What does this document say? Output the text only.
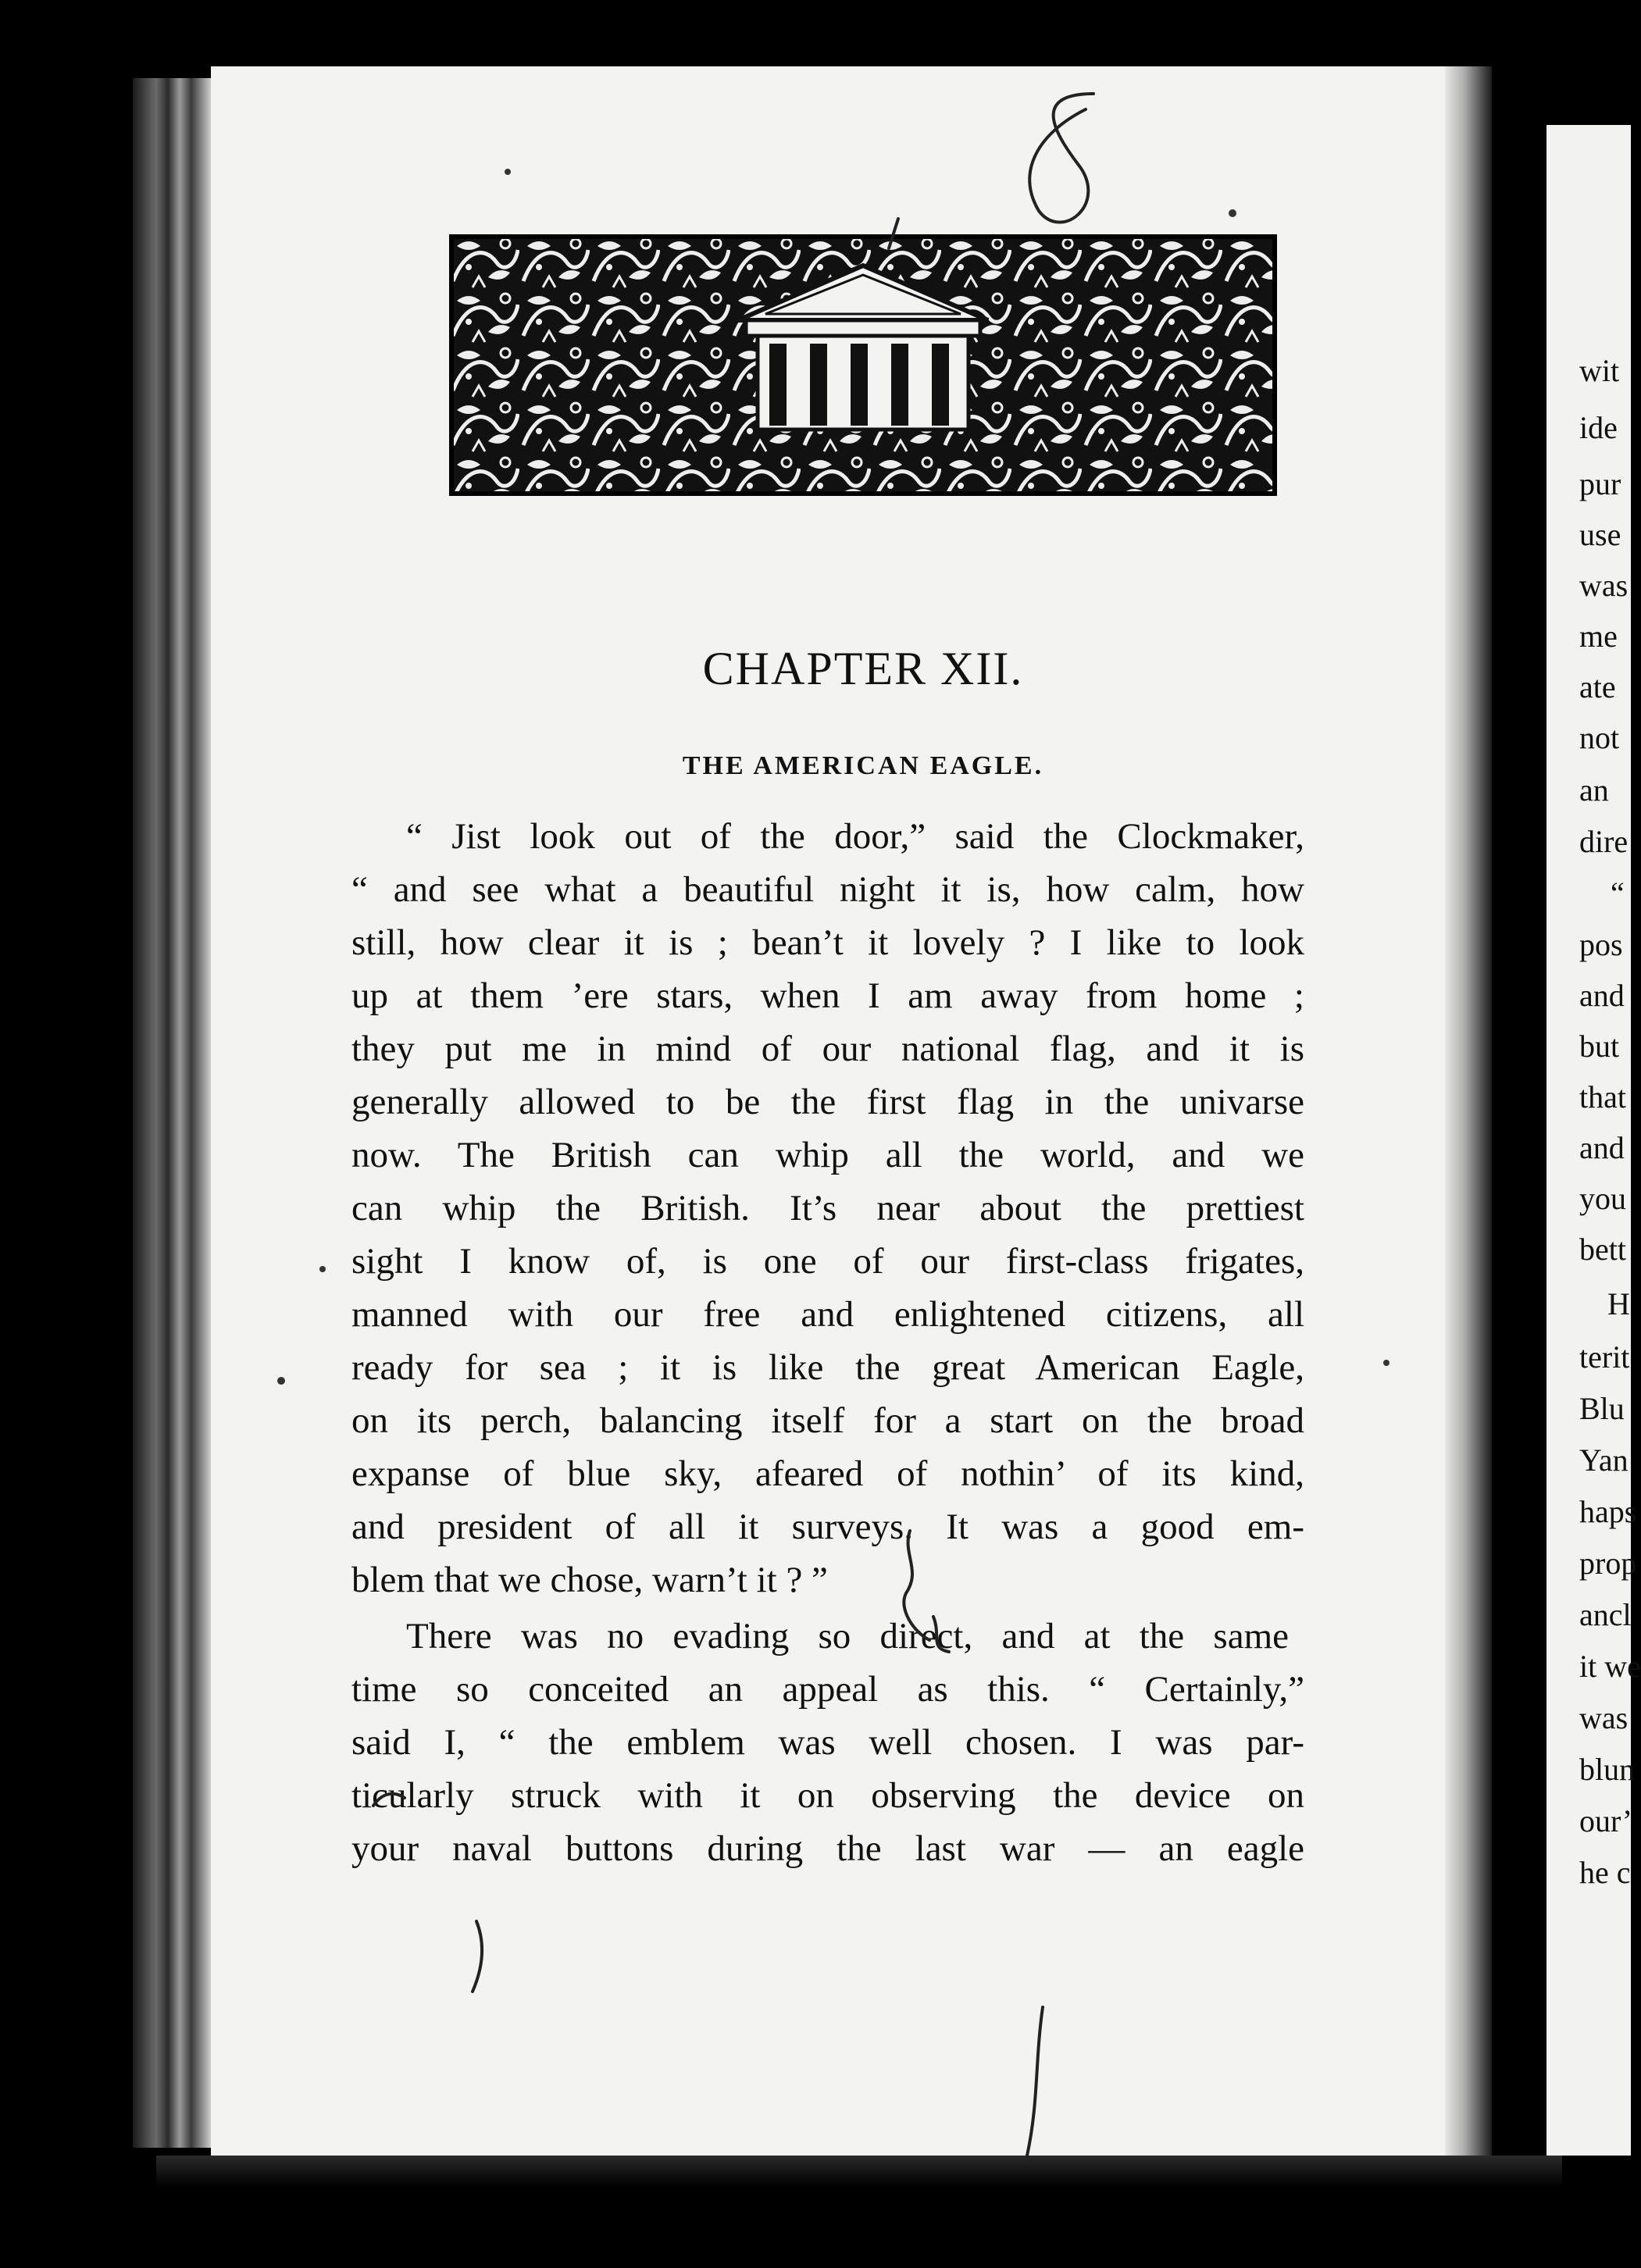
CHAPTER XII.
THE AMERICAN EAGLE.

“ Jist look out of the door,” said the Clockmaker,

“ and see what a beautiful night it is, how calm, how

still, how clear it is ; bean’t it lovely ? I like to look

up at them ’ere stars, when I am away from home ;

they put me in mind of our national flag, and it is

generally allowed to be the first flag in the univarse

now. The British can whip all the world, and we

can whip the British. It’s near about the prettiest

sight I know of, is one of our first-class frigates,

manned with our free and enlightened citizens, all

ready for sea ; it is like the great American Eagle,

on its perch, balancing itself for a start on the broad

expanse of blue sky, afeared of nothin’ of its kind,

and president of all it surveys. It was a good em-

blem that we chose, warn’t it ? ”

There was no evading so direct, and at the same

time so conceited an appeal as this. “ Certainly,”

said I, “ the emblem was well chosen. I was par-

ticularly struck with it on observing the device on

your naval buttons during the last war — an eagle

wit
ide
pur
use
was
me
ate
not
an
dire
“
pos
and
but
that
and
you
bett
H
terit
Blu
Yan
haps
prop
ancl
it we
was
blun
our’
he c
